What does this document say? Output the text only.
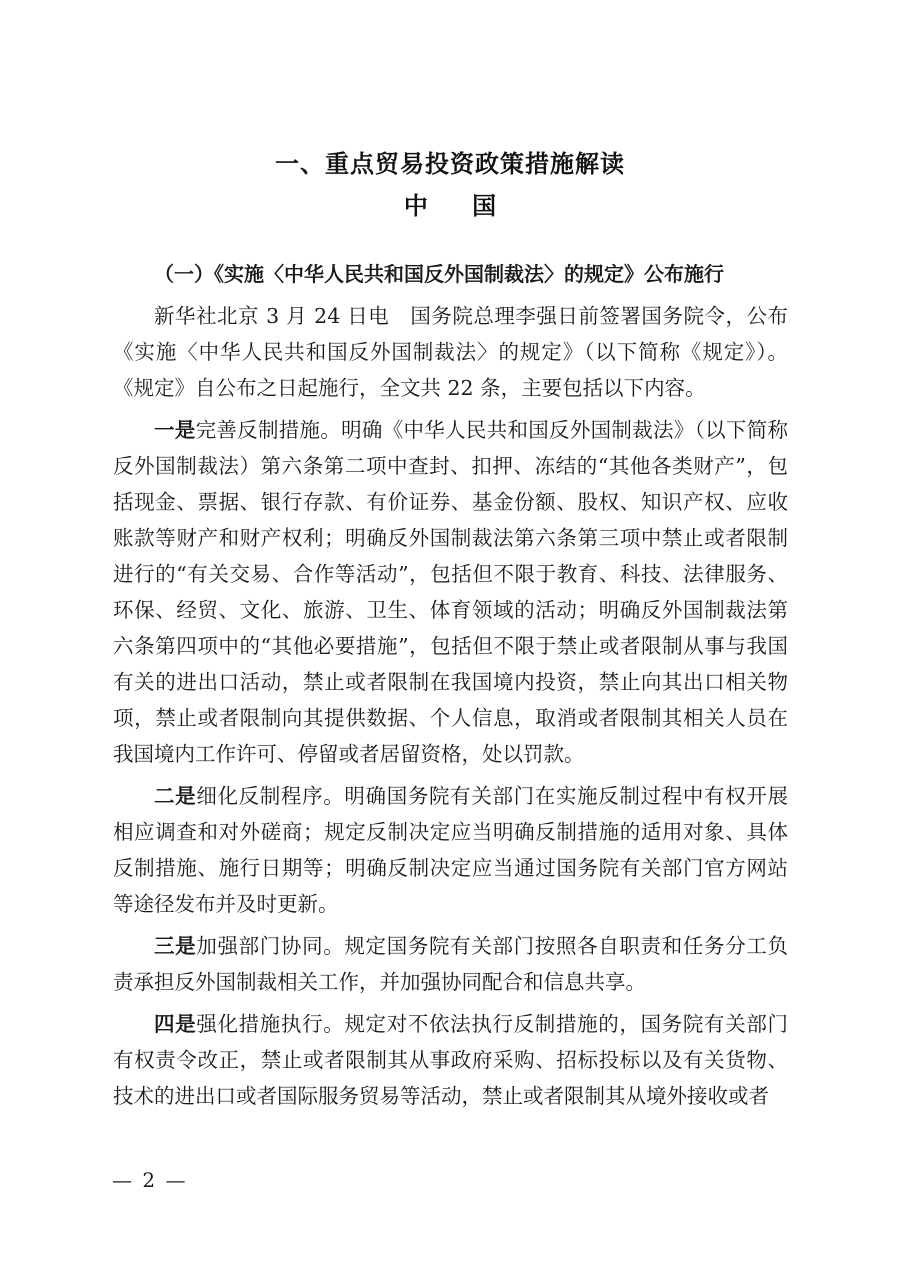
一、重点贸易投资政策措施解读
中 国

（一）《实施〈中华人民共和国反外国制裁法〉的规定》公布施行

新华社北京 3 月 24 日电　国务院总理李强日前签署国务院令，公布《实施〈中华人民共和国反外国制裁法〉的规定》（以下简称《规定》）。《规定》自公布之日起施行，全文共 22 条，主要包括以下内容。

一是完善反制措施。明确《中华人民共和国反外国制裁法》（以下简称反外国制裁法）第六条第二项中查封、扣押、冻结的“其他各类财产”，包括现金、票据、银行存款、有价证券、基金份额、股权、知识产权、应收账款等财产和财产权利；明确反外国制裁法第六条第三项中禁止或者限制进行的“有关交易、合作等活动”，包括但不限于教育、科技、法律服务、环保、经贸、文化、旅游、卫生、体育领域的活动；明确反外国制裁法第六条第四项中的“其他必要措施”，包括但不限于禁止或者限制从事与我国有关的进出口活动，禁止或者限制在我国境内投资，禁止向其出口相关物项，禁止或者限制向其提供数据、个人信息，取消或者限制其相关人员在我国境内工作许可、停留或者居留资格，处以罚款。

二是细化反制程序。明确国务院有关部门在实施反制过程中有权开展相应调查和对外磋商；规定反制决定应当明确反制措施的适用对象、具体反制措施、施行日期等；明确反制决定应当通过国务院有关部门官方网站等途径发布并及时更新。

三是加强部门协同。规定国务院有关部门按照各自职责和任务分工负责承担反外国制裁相关工作，并加强协同配合和信息共享。

四是强化措施执行。规定对不依法执行反制措施的，国务院有关部门有权责令改正，禁止或者限制其从事政府采购、招标投标以及有关货物、技术的进出口或者国际服务贸易等活动，禁止或者限制其从境外接收或者

— 2 —
